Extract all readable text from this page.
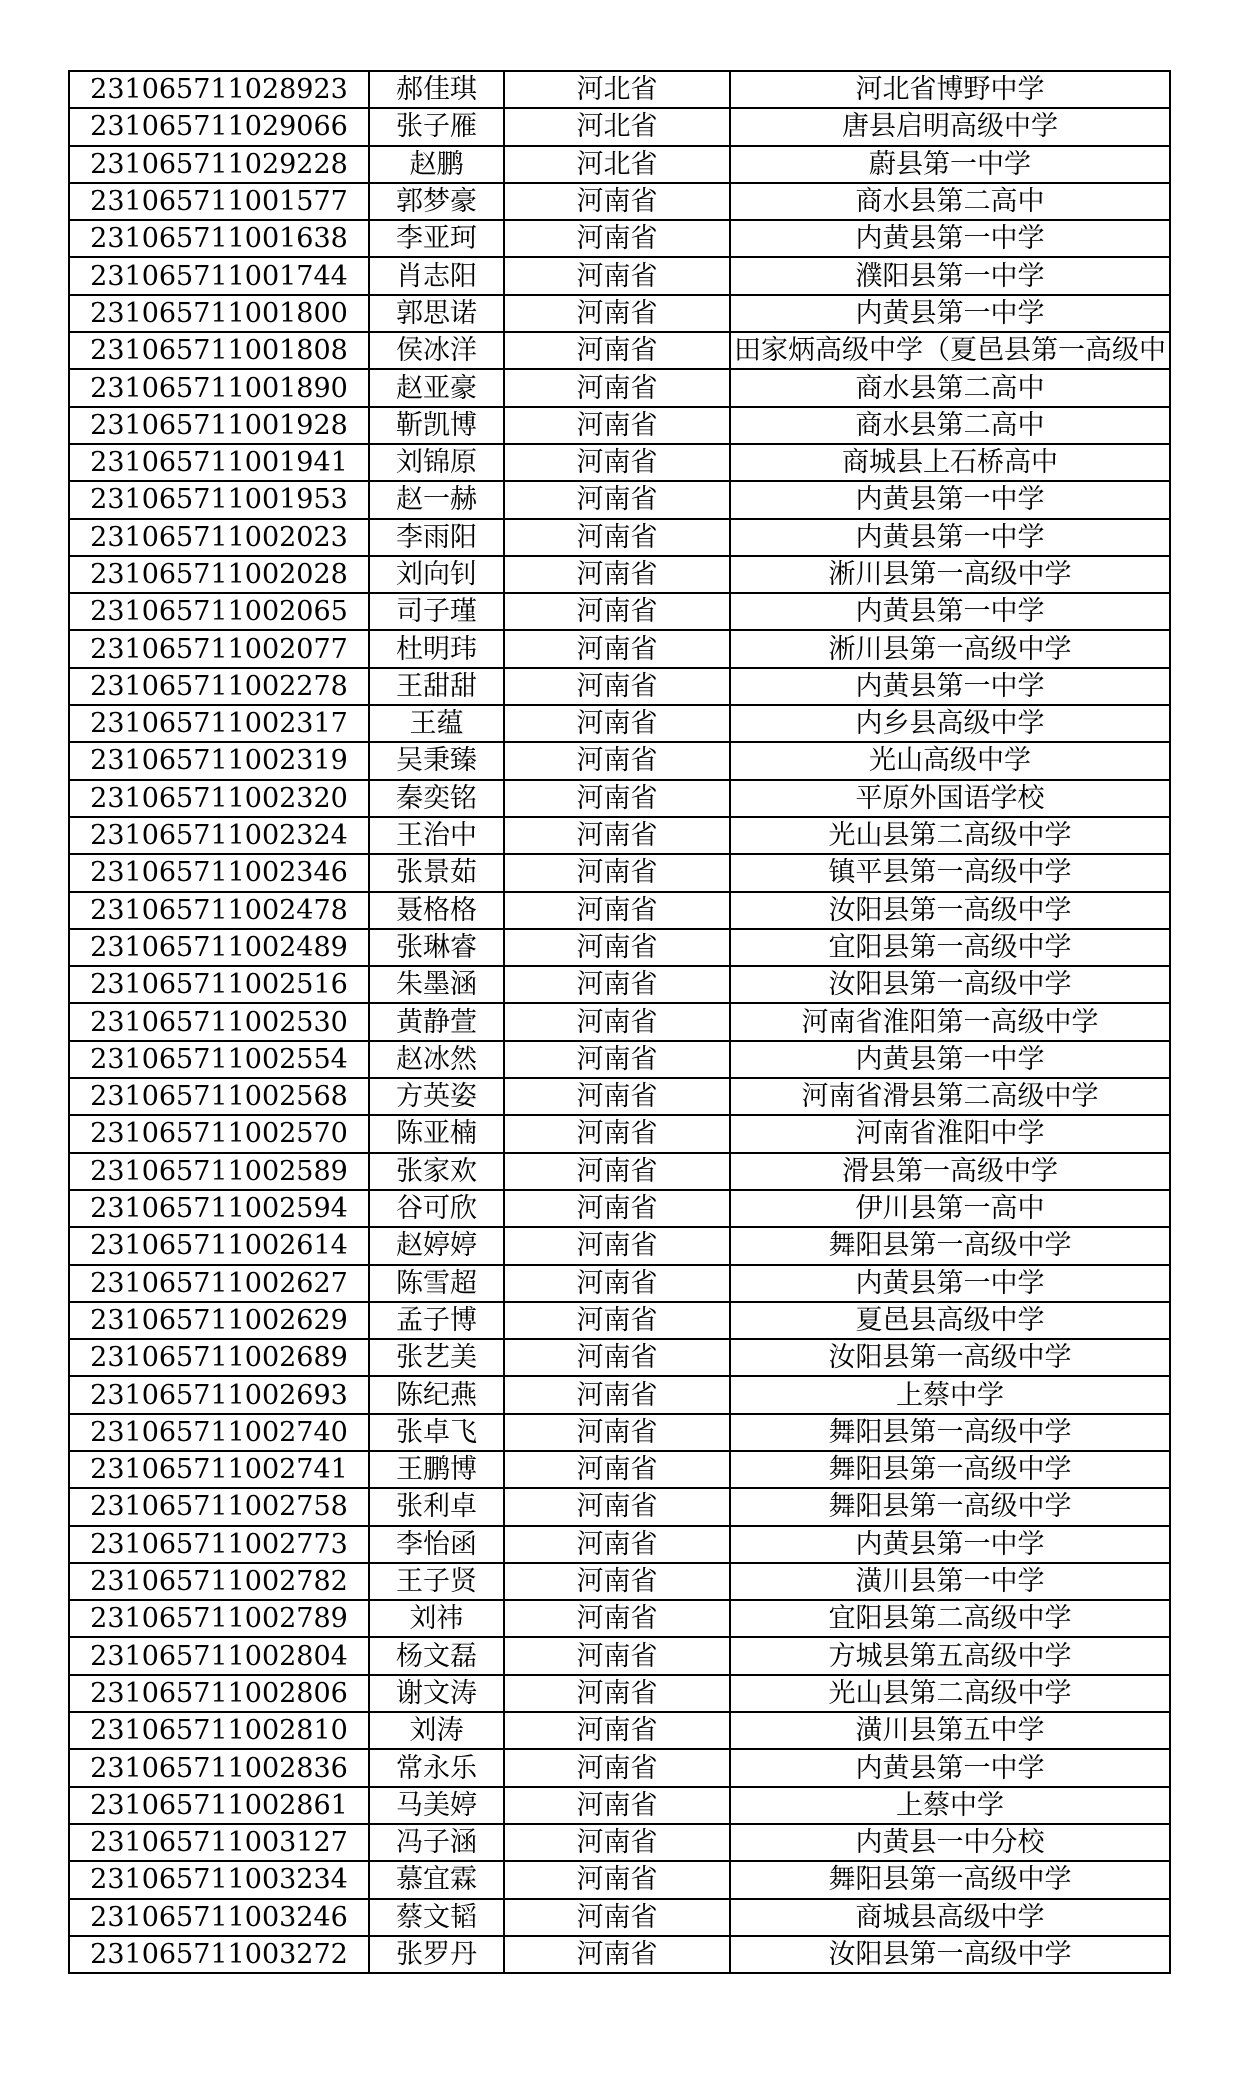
231065711028923	郝佳琪	河北省	河北省博野中学
231065711029066	张子雁	河北省	唐县启明高级中学
231065711029228	赵鹏	河北省	蔚县第一中学
231065711001577	郭梦豪	河南省	商水县第二高中
231065711001638	李亚珂	河南省	内黄县第一中学
231065711001744	肖志阳	河南省	濮阳县第一中学
231065711001800	郭思诺	河南省	内黄县第一中学
231065711001808	侯冰洋	河南省	田家炳高级中学（夏邑县第一高级中
231065711001890	赵亚豪	河南省	商水县第二高中
231065711001928	靳凯博	河南省	商水县第二高中
231065711001941	刘锦原	河南省	商城县上石桥高中
231065711001953	赵一赫	河南省	内黄县第一中学
231065711002023	李雨阳	河南省	内黄县第一中学
231065711002028	刘向钊	河南省	淅川县第一高级中学
231065711002065	司子瑾	河南省	内黄县第一中学
231065711002077	杜明玮	河南省	淅川县第一高级中学
231065711002278	王甜甜	河南省	内黄县第一中学
231065711002317	王蕴	河南省	内乡县高级中学
231065711002319	吴秉臻	河南省	光山高级中学
231065711002320	秦奕铭	河南省	平原外国语学校
231065711002324	王治中	河南省	光山县第二高级中学
231065711002346	张景茹	河南省	镇平县第一高级中学
231065711002478	聂格格	河南省	汝阳县第一高级中学
231065711002489	张琳睿	河南省	宜阳县第一高级中学
231065711002516	朱墨涵	河南省	汝阳县第一高级中学
231065711002530	黄静萱	河南省	河南省淮阳第一高级中学
231065711002554	赵冰然	河南省	内黄县第一中学
231065711002568	方英姿	河南省	河南省滑县第二高级中学
231065711002570	陈亚楠	河南省	河南省淮阳中学
231065711002589	张家欢	河南省	滑县第一高级中学
231065711002594	谷可欣	河南省	伊川县第一高中
231065711002614	赵婷婷	河南省	舞阳县第一高级中学
231065711002627	陈雪超	河南省	内黄县第一中学
231065711002629	孟子博	河南省	夏邑县高级中学
231065711002689	张艺美	河南省	汝阳县第一高级中学
231065711002693	陈纪燕	河南省	上蔡中学
231065711002740	张卓飞	河南省	舞阳县第一高级中学
231065711002741	王鹏博	河南省	舞阳县第一高级中学
231065711002758	张利卓	河南省	舞阳县第一高级中学
231065711002773	李怡函	河南省	内黄县第一中学
231065711002782	王子贤	河南省	潢川县第一中学
231065711002789	刘祎	河南省	宜阳县第二高级中学
231065711002804	杨文磊	河南省	方城县第五高级中学
231065711002806	谢文涛	河南省	光山县第二高级中学
231065711002810	刘涛	河南省	潢川县第五中学
231065711002836	常永乐	河南省	内黄县第一中学
231065711002861	马美婷	河南省	上蔡中学
231065711003127	冯子涵	河南省	内黄县一中分校
231065711003234	慕宜霖	河南省	舞阳县第一高级中学
231065711003246	蔡文韬	河南省	商城县高级中学
231065711003272	张罗丹	河南省	汝阳县第一高级中学
